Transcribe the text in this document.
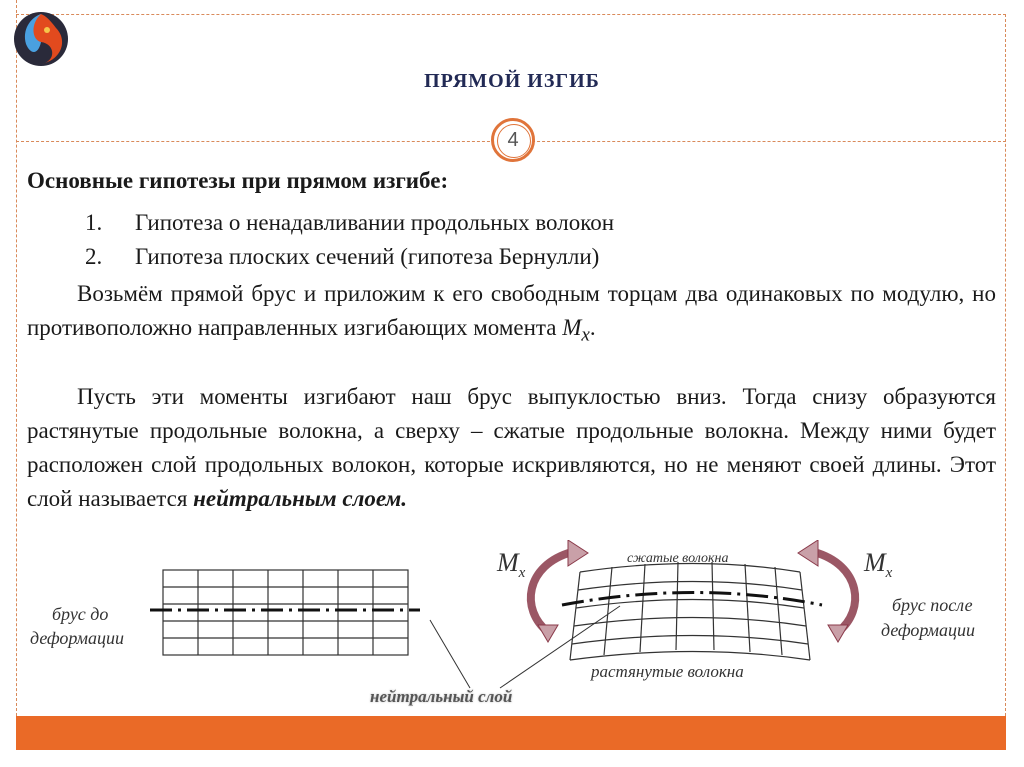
ПРЯМОЙ ИЗГИБ
4
Основные гипотезы при прямом изгибе:
1. Гипотеза о ненадавливании продольных волокон
2. Гипотеза плоских сечений (гипотеза Бернулли)
Возьмём прямой брус и приложим к его свободным торцам два одинаковых по модулю, но противоположно направленных изгибающих момента $M_x$.
Пусть эти моменты изгибают наш брус выпуклостью вниз. Тогда снизу образуются растянутые продольные волокна, а сверху – сжатые продольные волокна. Между ними будет расположен слой продольных волокон, которые искривляются, но не меняют своей длины. Этот слой называется нейтральным слоем.
брус до
деформации
брус после
деформации
сжатые волокна
растянутые волокна
нейтральный слой
$M_x$	$M_x$
